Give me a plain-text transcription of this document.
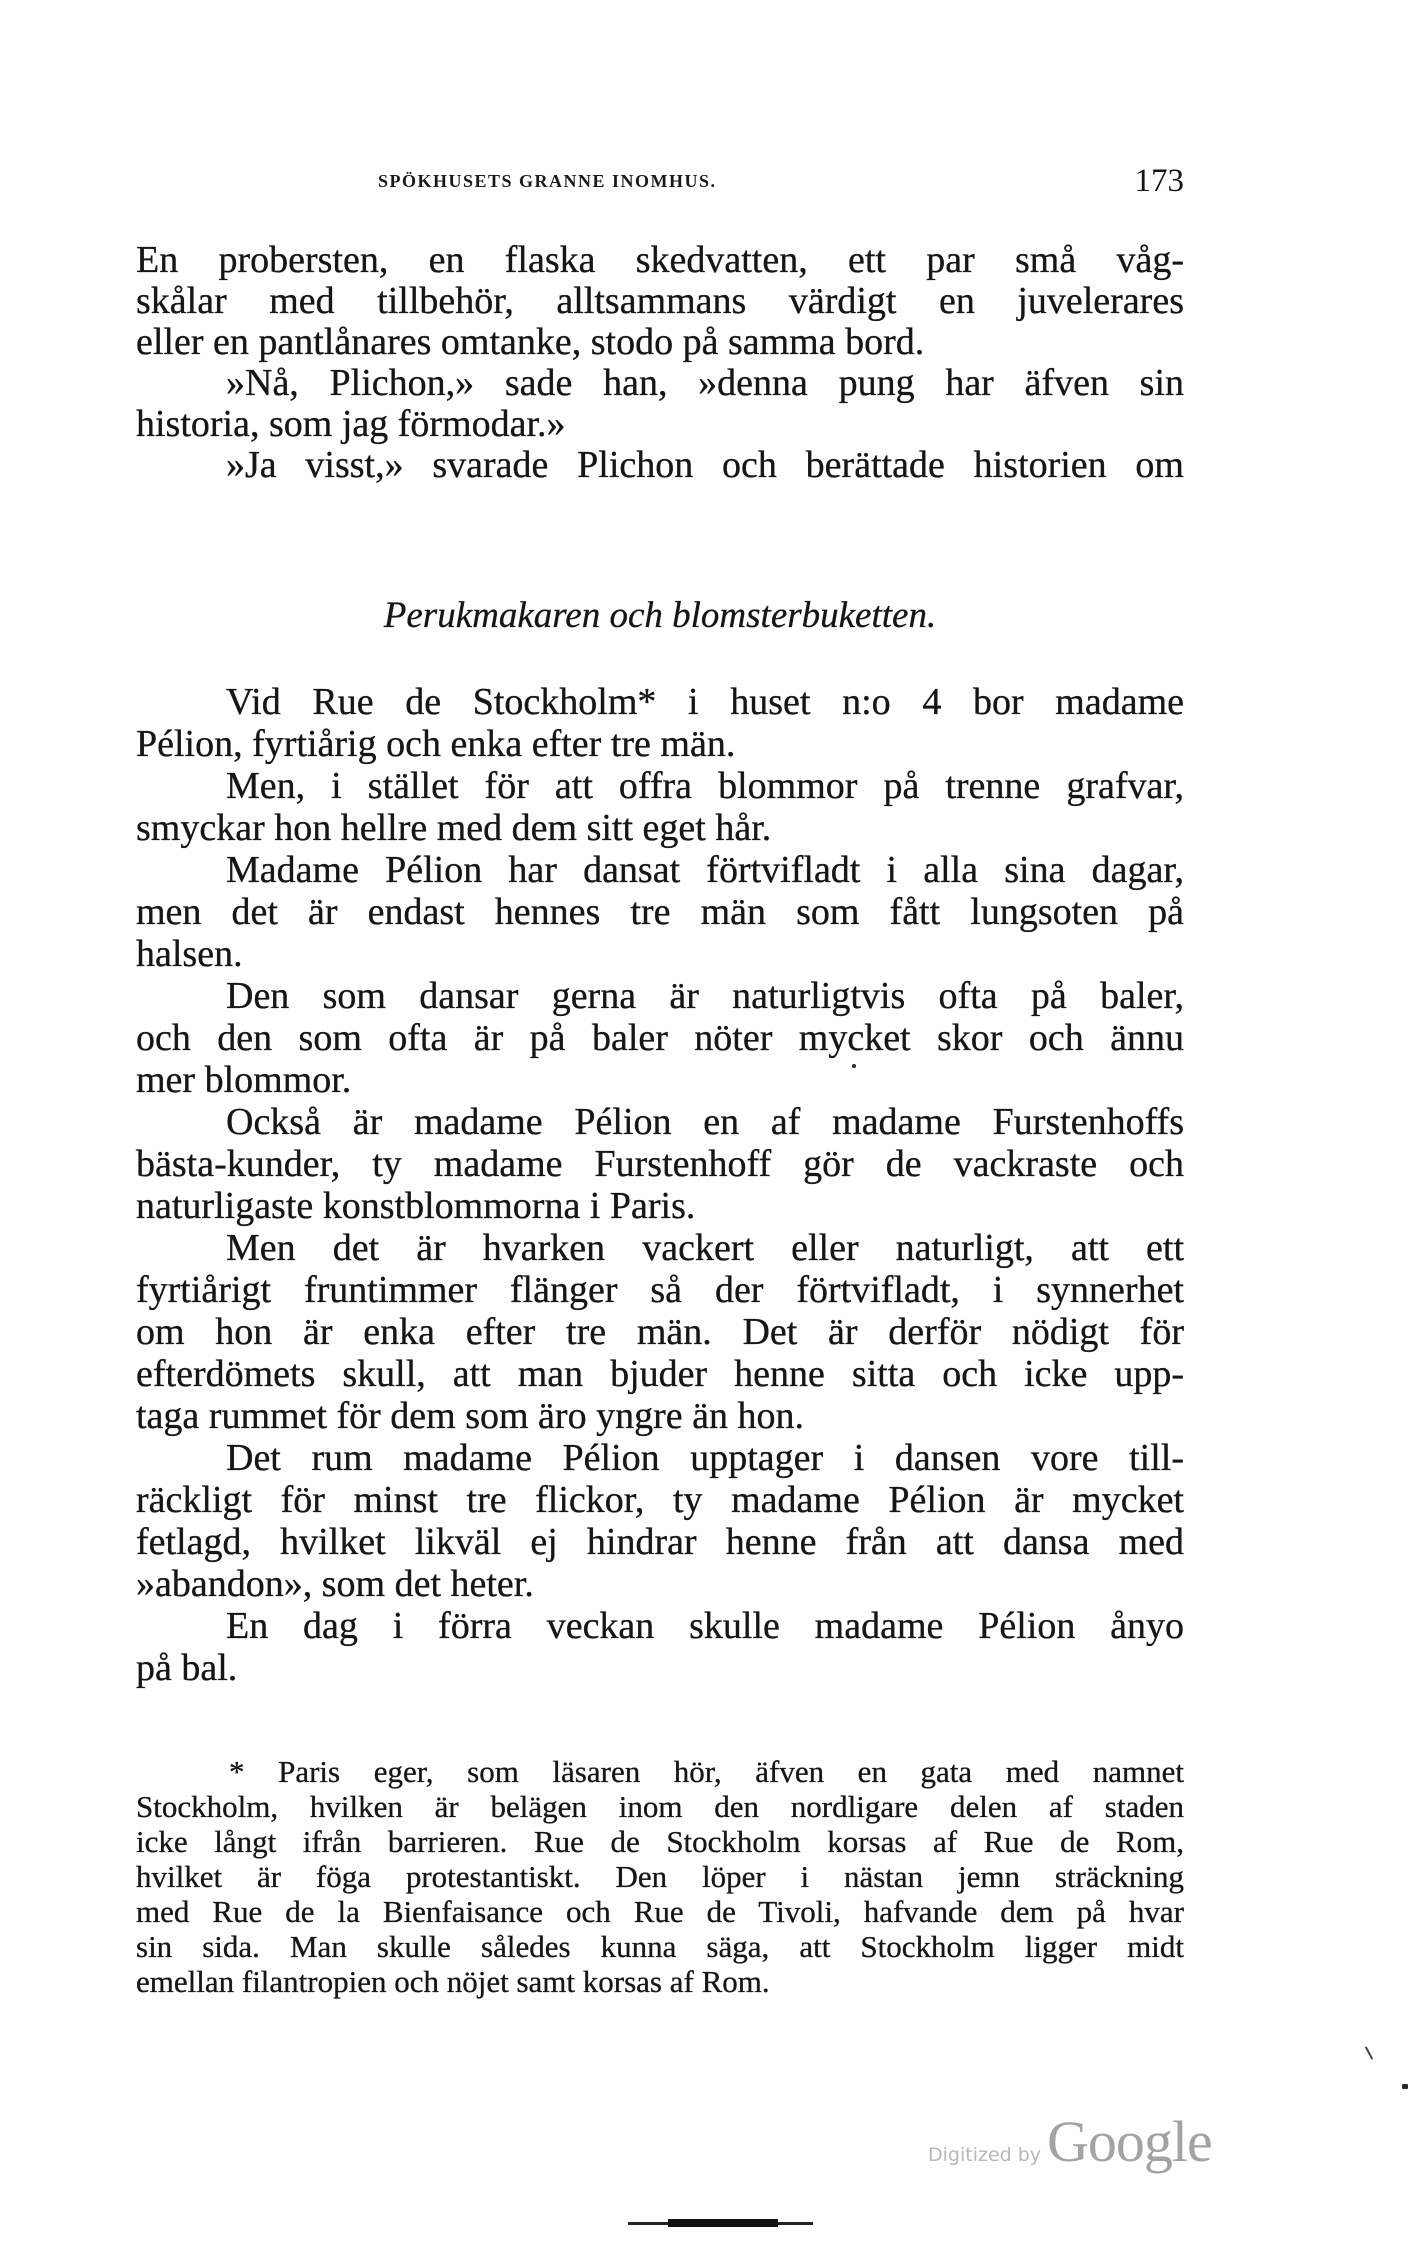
SPÖKHUSETS GRANNE INOMHUS.	173
En probersten, en flaska skedvatten, ett par små våg-
skålar med tillbehör, alltsammans värdigt en juvelerares
eller en pantlånares omtanke, stodo på samma bord.
»Nå, Plichon,» sade han, »denna pung har äfven sin
historia, som jag förmodar.»
»Ja visst,» svarade Plichon och berättade historien om
Perukmakaren och blomsterbuketten.
Vid Rue de Stockholm* i huset n:o 4 bor madame
Pélion, fyrtiårig och enka efter tre män.
Men, i stället för att offra blommor på trenne grafvar,
smyckar hon hellre med dem sitt eget hår.
Madame Pélion har dansat förtvifladt i alla sina dagar,
men det är endast hennes tre män som fått lungsoten på
halsen.
Den som dansar gerna är naturligtvis ofta på baler,
och den som ofta är på baler nöter mycket skor och ännu
mer blommor.
Också är madame Pélion en af madame Furstenhoffs
bästa-kunder, ty madame Furstenhoff gör de vackraste och
naturligaste konstblommorna i Paris.
Men det är hvarken vackert eller naturligt, att ett
fyrtiårigt fruntimmer flänger så der förtvifladt, i synnerhet
om hon är enka efter tre män. Det är derför nödigt för
efterdömets skull, att man bjuder henne sitta och icke upp-
taga rummet för dem som äro yngre än hon.
Det rum madame Pélion upptager i dansen vore till-
räckligt för minst tre flickor, ty madame Pélion är mycket
fetlagd, hvilket likväl ej hindrar henne från att dansa med
»abandon», som det heter.
En dag i förra veckan skulle madame Pélion ånyo
på bal.
* Paris eger, som läsaren hör, äfven en gata med namnet
Stockholm, hvilken är belägen inom den nordligare delen af staden
icke långt ifrån barrieren. Rue de Stockholm korsas af Rue de Rom,
hvilket är föga protestantiskt. Den löper i nästan jemn sträckning
med Rue de la Bienfaisance och Rue de Tivoli, hafvande dem på hvar
sin sida. Man skulle således kunna säga, att Stockholm ligger midt
emellan filantropien och nöjet samt korsas af Rom.
Digitized by Google
